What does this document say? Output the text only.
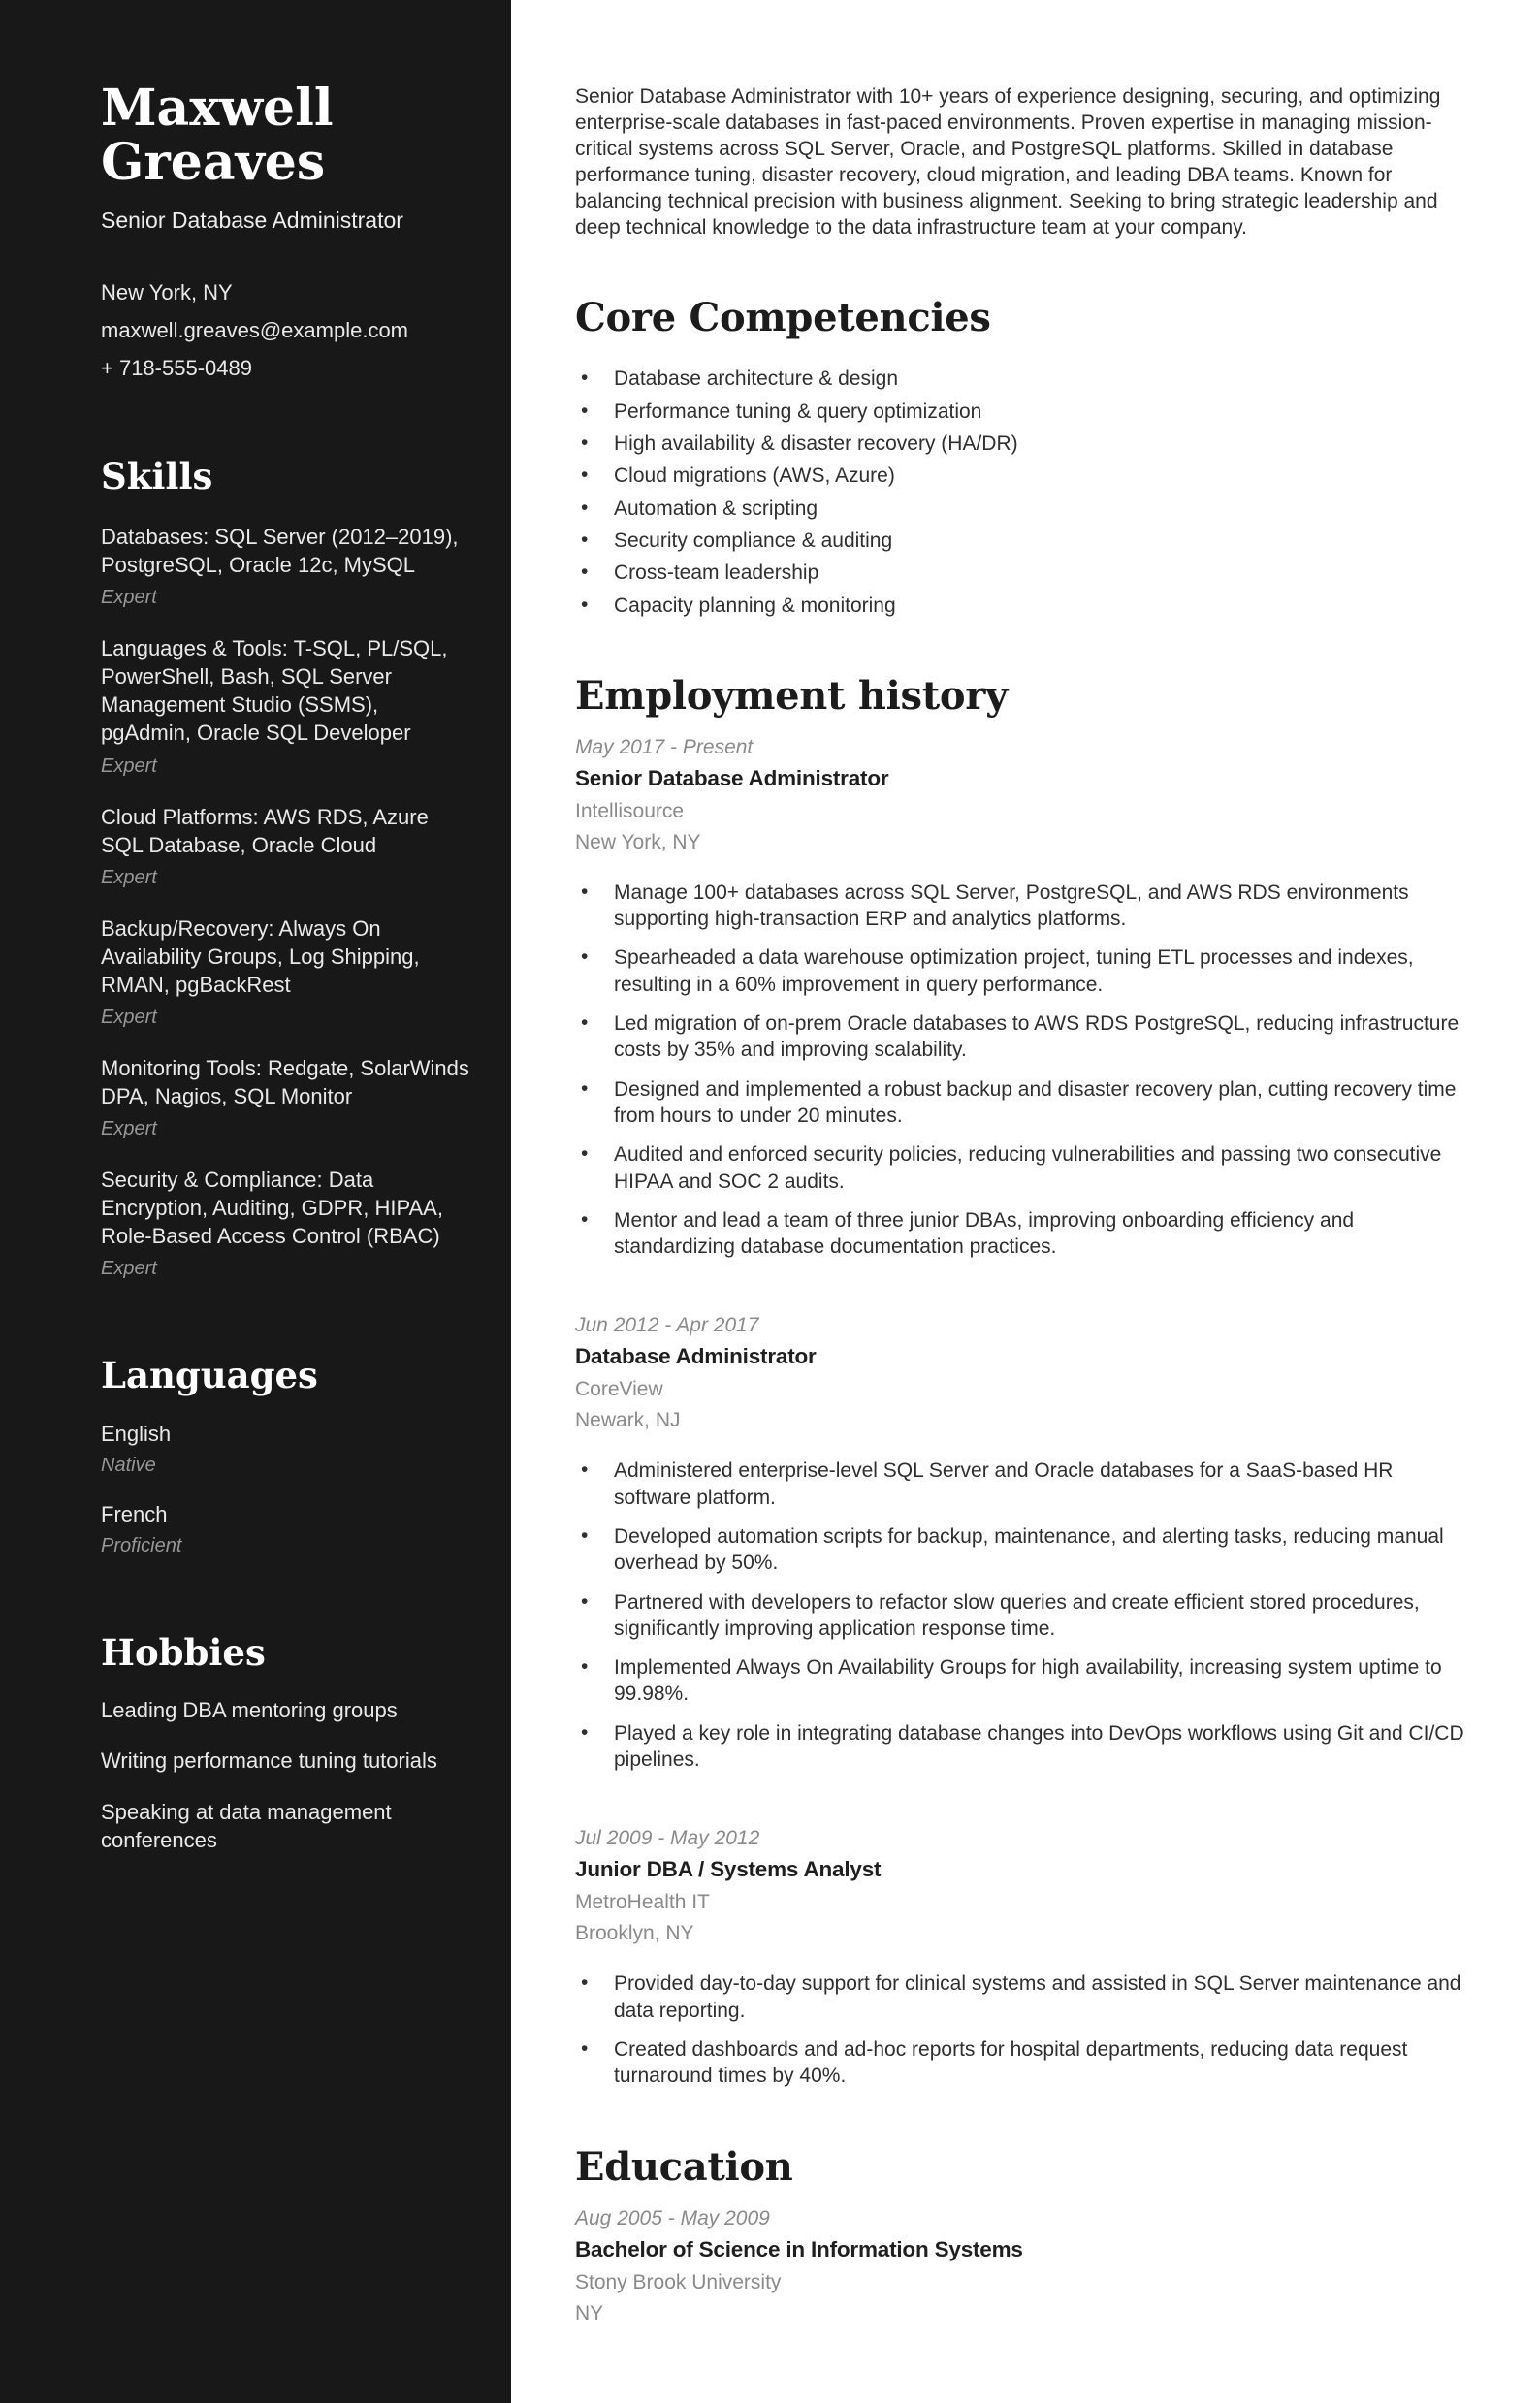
Maxwell
Greaves

Senior Database Administrator

New York, NY

maxwell.greaves@example.com

+ 718-555-0489

Skills

Databases: SQL Server (2012–2019), PostgreSQL, Oracle 12c, MySQL

Expert

Languages & Tools: T-SQL, PL/SQL, PowerShell, Bash, SQL Server Management Studio (SSMS), pgAdmin, Oracle SQL Developer

Expert

Cloud Platforms: AWS RDS, Azure SQL Database, Oracle Cloud

Expert

Backup/Recovery: Always On Availability Groups, Log Shipping, RMAN, pgBackRest

Expert

Monitoring Tools: Redgate, SolarWinds DPA, Nagios, SQL Monitor

Expert

Security & Compliance: Data Encryption, Auditing, GDPR, HIPAA, Role-Based Access Control (RBAC)

Expert

Languages

English

Native

French

Proficient

Hobbies

Leading DBA mentoring groups

Writing performance tuning tutorials

Speaking at data management conferences

Senior Database Administrator with 10+ years of experience designing, securing, and optimizing enterprise-scale databases in fast-paced environments. Proven expertise in managing mission-critical systems across SQL Server, Oracle, and PostgreSQL platforms. Skilled in database performance tuning, disaster recovery, cloud migration, and leading DBA teams. Known for balancing technical precision with business alignment. Seeking to bring strategic leadership and deep technical knowledge to the data infrastructure team at your company.

Core Competencies
• Database architecture & design
• Performance tuning & query optimization
• High availability & disaster recovery (HA/DR)
• Cloud migrations (AWS, Azure)
• Automation & scripting
• Security compliance & auditing
• Cross-team leadership
• Capacity planning & monitoring
Employment history

May 2017 - Present

Senior Database Administrator

Intellisource

New York, NY

• Manage 100+ databases across SQL Server, PostgreSQL, and AWS RDS environments supporting high-transaction ERP and analytics platforms.
• Spearheaded a data warehouse optimization project, tuning ETL processes and indexes, resulting in a 60% improvement in query performance.
• Led migration of on-prem Oracle databases to AWS RDS PostgreSQL, reducing infrastructure costs by 35% and improving scalability.
• Designed and implemented a robust backup and disaster recovery plan, cutting recovery time from hours to under 20 minutes.
• Audited and enforced security policies, reducing vulnerabilities and passing two consecutive HIPAA and SOC 2 audits.
• Mentor and lead a team of three junior DBAs, improving onboarding efficiency and standardizing database documentation practices.

Jun 2012 - Apr 2017

Database Administrator

CoreView

Newark, NJ

• Administered enterprise-level SQL Server and Oracle databases for a SaaS-based HR software platform.
• Developed automation scripts for backup, maintenance, and alerting tasks, reducing manual overhead by 50%.
• Partnered with developers to refactor slow queries and create efficient stored procedures, significantly improving application response time.
• Implemented Always On Availability Groups for high availability, increasing system uptime to 99.98%.
• Played a key role in integrating database changes into DevOps workflows using Git and CI/CD pipelines.

Jul 2009 - May 2012

Junior DBA / Systems Analyst

MetroHealth IT

Brooklyn, NY

• Provided day-to-day support for clinical systems and assisted in SQL Server maintenance and data reporting.
• Created dashboards and ad-hoc reports for hospital departments, reducing data request turnaround times by 40%.
Education

Aug 2005 - May 2009

Bachelor of Science in Information Systems

Stony Brook University

NY
